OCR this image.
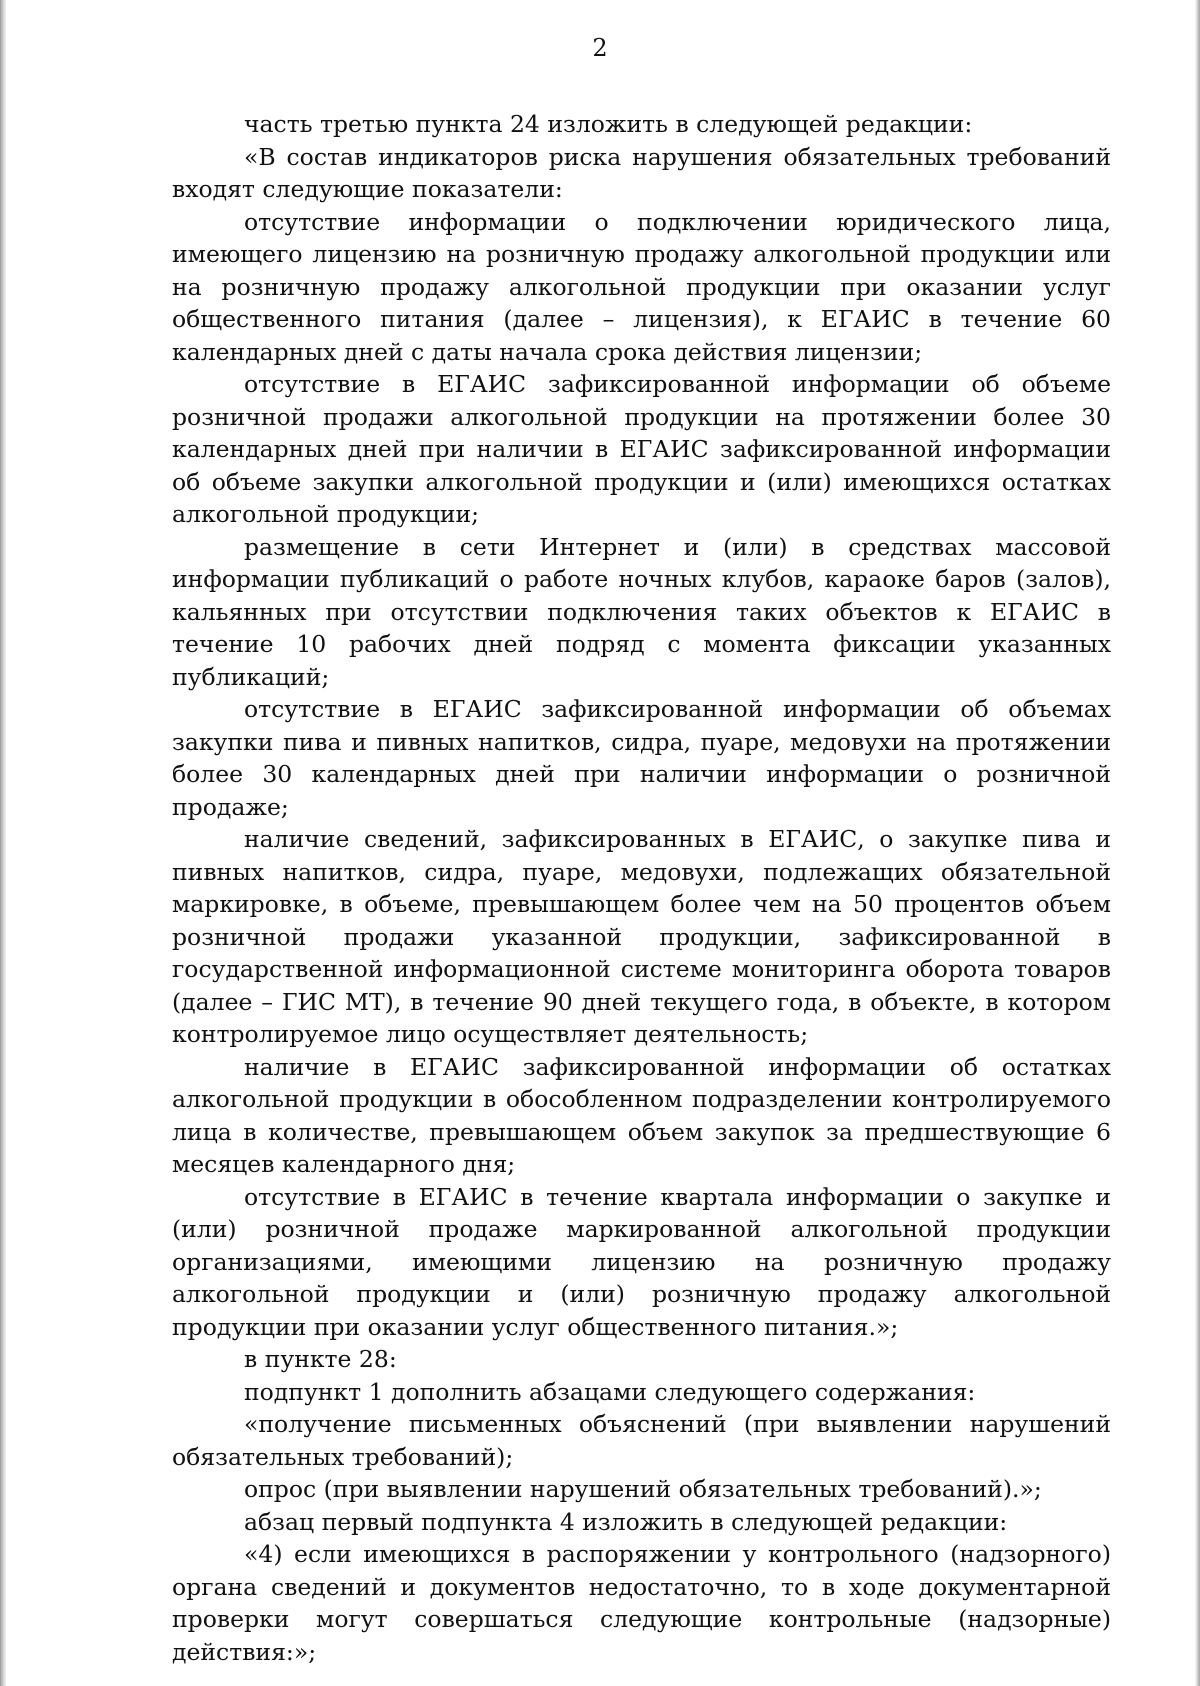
2

часть третью пункта 24 изложить в следующей редакции:

«В состав индикаторов риска нарушения обязательных требований входят следующие показатели:

отсутствие информации о подключении юридического лица, имеющего лицензию на розничную продажу алкогольной продукции или на розничную продажу алкогольной продукции при оказании услуг общественного питания (далее – лицензия), к ЕГАИС в течение 60 календарных дней с даты начала срока действия лицензии;

отсутствие в ЕГАИС зафиксированной информации об объеме розничной продажи алкогольной продукции на протяжении более 30 календарных дней при наличии в ЕГАИС зафиксированной информации об объеме закупки алкогольной продукции и (или) имеющихся остатках алкогольной продукции;

размещение в сети Интернет и (или) в средствах массовой информации публикаций о работе ночных клубов, караоке баров (залов), кальянных при отсутствии подключения таких объектов к ЕГАИС в течение 10 рабочих дней подряд с момента фиксации указанных публикаций;

отсутствие в ЕГАИС зафиксированной информации об объемах закупки пива и пивных напитков, сидра, пуаре, медовухи на протяжении более 30 календарных дней при наличии информации о розничной продаже;

наличие сведений, зафиксированных в ЕГАИС, о закупке пива и пивных напитков, сидра, пуаре, медовухи, подлежащих обязательной маркировке, в объеме, превышающем более чем на 50 процентов объем розничной продажи указанной продукции, зафиксированной в государственной информационной системе мониторинга оборота товаров (далее – ГИС МТ), в течение 90 дней текущего года, в объекте, в котором контролируемое лицо осуществляет деятельность;

наличие в ЕГАИС зафиксированной информации об остатках алкогольной продукции в обособленном подразделении контролируемого лица в количестве, превышающем объем закупок за предшествующие 6 месяцев календарного дня;

отсутствие в ЕГАИС в течение квартала информации о закупке и (или) розничной продаже маркированной алкогольной продукции организациями, имеющими лицензию на розничную продажу алкогольной продукции и (или) розничную продажу алкогольной продукции при оказании услуг общественного питания.»;

в пункте 28:

подпункт 1 дополнить абзацами следующего содержания:

«получение письменных объяснений (при выявлении нарушений обязательных требований);

опрос (при выявлении нарушений обязательных требований).»;

абзац первый подпункта 4 изложить в следующей редакции:

«4) если имеющихся в распоряжении у контрольного (надзорного) органа сведений и документов недостаточно, то в ходе документарной проверки могут совершаться следующие контрольные (надзорные) действия:»;
